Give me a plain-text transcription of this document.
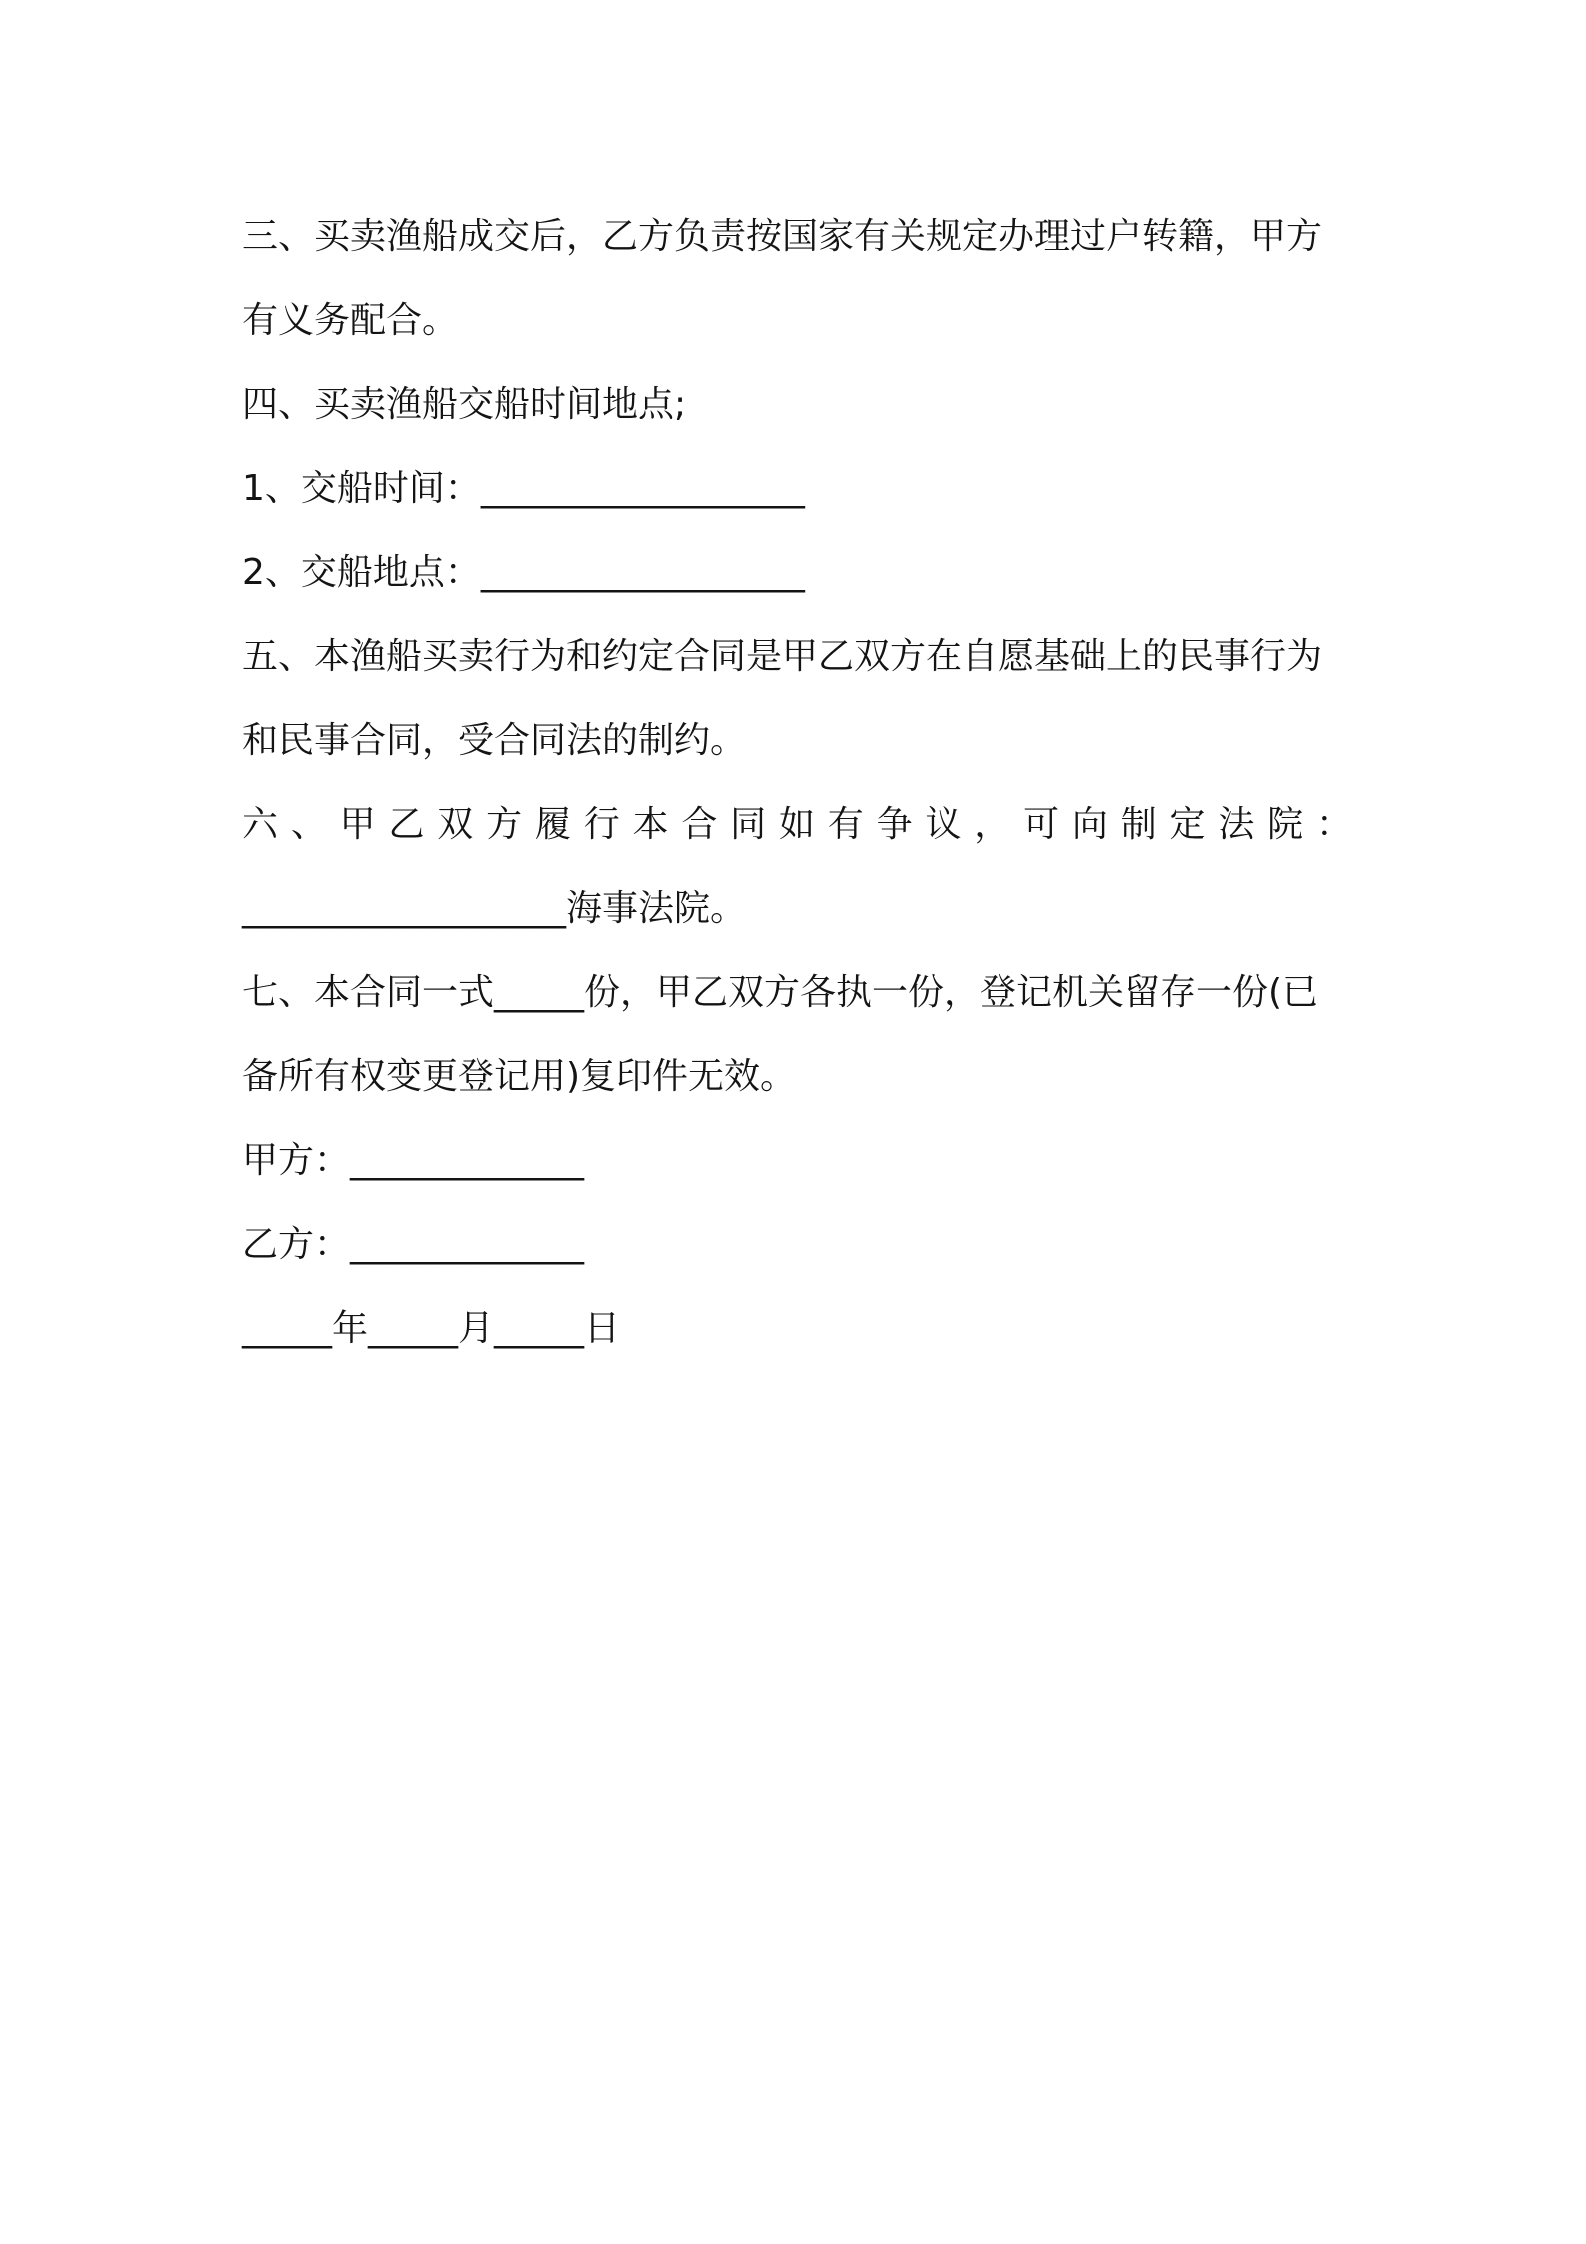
三、买卖渔船成交后，乙方负责按国家有关规定办理过户转籍，甲方
有义务配合。
四、买卖渔船交船时间地点;
1、交船时间：__________________
2、交船地点：__________________
五、本渔船买卖行为和约定合同是甲乙双方在自愿基础上的民事行为
和民事合同，受合同法的制约。
六、甲乙双方履行本合同如有争议，可向制定法院：
__________________海事法院。
七、本合同一式_____份，甲乙双方各执一份，登记机关留存一份(已
备所有权变更登记用)复印件无效。
甲方：_____________
乙方：_____________
_____年_____月_____日
